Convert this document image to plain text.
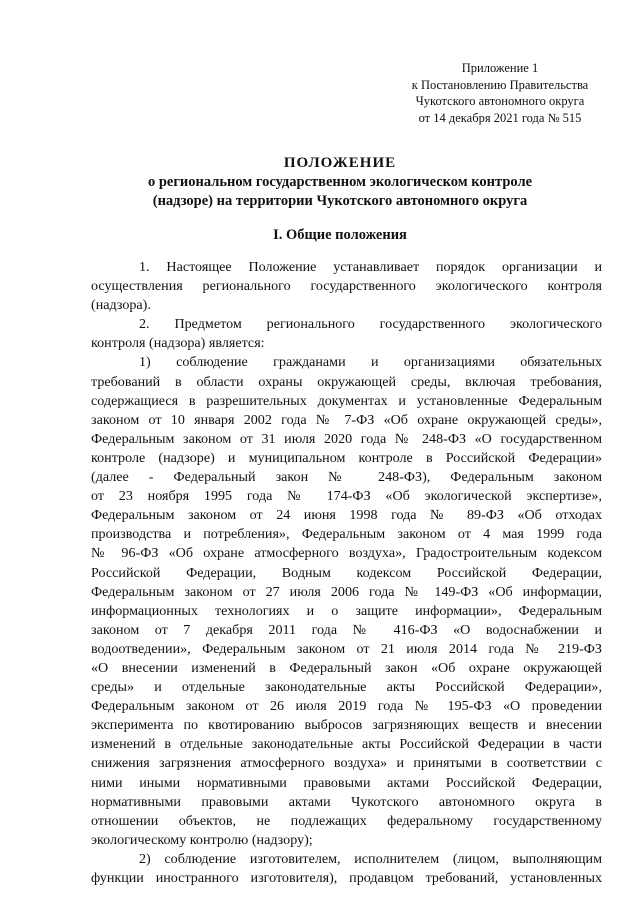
Приложение 1
к Постановлению Правительства
Чукотского автономного округа
от 14 декабря 2021 года № 515
ПОЛОЖЕНИЕ
о региональном государственном экологическом контроле
(надзоре) на территории Чукотского автономного округа
I. Общие положения
1. Настоящее Положение устанавливает порядок организации и
осуществления регионального государственного экологического контроля
(надзора).
2. Предметом регионального государственного экологического
контроля (надзора) является:
1) соблюдение гражданами и организациями обязательных
требований в области охраны окружающей среды, включая требования,
содержащиеся в разрешительных документах и установленные Федеральным
законом от 10 января 2002 года № 7-ФЗ «Об охране окружающей среды»,
Федеральным законом от 31 июля 2020 года № 248-ФЗ «О государственном
контроле (надзоре) и муниципальном контроле в Российской Федерации»
(далее - Федеральный закон № 248-ФЗ), Федеральным законом
от 23 ноября 1995 года № 174-ФЗ «Об экологической экспертизе»,
Федеральным законом от 24 июня 1998 года № 89-ФЗ «Об отходах
производства и потребления», Федеральным законом от 4 мая 1999 года
№ 96-ФЗ «Об охране атмосферного воздуха», Градостроительным кодексом
Российской Федерации, Водным кодексом Российской Федерации,
Федеральным законом от 27 июля 2006 года № 149-ФЗ «Об информации,
информационных технологиях и о защите информации», Федеральным
законом от 7 декабря 2011 года № 416-ФЗ «О водоснабжении и
водоотведении», Федеральным законом от 21 июля 2014 года № 219-ФЗ
«О внесении изменений в Федеральный закон «Об охране окружающей
среды» и отдельные законодательные акты Российской Федерации»,
Федеральным законом от 26 июля 2019 года № 195-ФЗ «О проведении
эксперимента по квотированию выбросов загрязняющих веществ и внесении
изменений в отдельные законодательные акты Российской Федерации в части
снижения загрязнения атмосферного воздуха» и принятыми в соответствии с
ними иными нормативными правовыми актами Российской Федерации,
нормативными правовыми актами Чукотского автономного округа в
отношении объектов, не подлежащих федеральному государственному
экологическому контролю (надзору);
2) соблюдение изготовителем, исполнителем (лицом, выполняющим
функции иностранного изготовителя), продавцом требований, установленных
